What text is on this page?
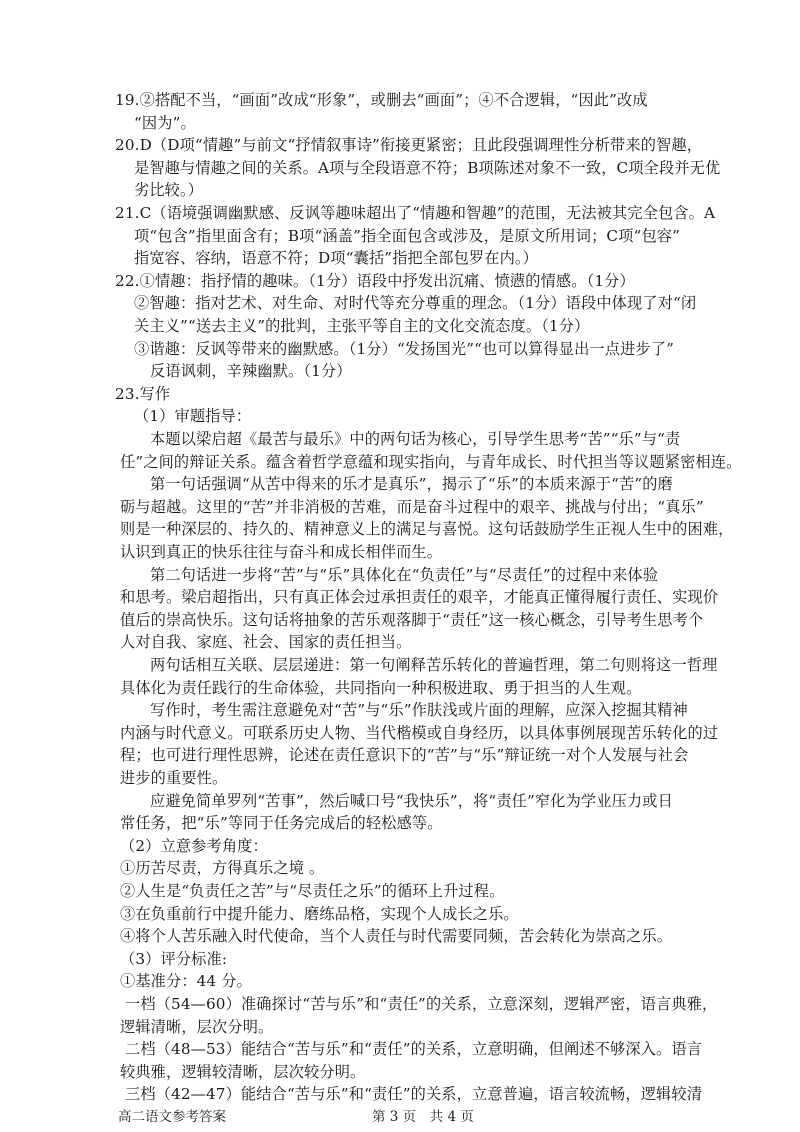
19.②搭配不当，“画面”改成“形象”，或删去“画面”；④不合逻辑，“因此”改成
“因为”。
20.D（D项“情趣”与前文“抒情叙事诗”衔接更紧密；且此段强调理性分析带来的智趣，
是智趣与情趣之间的关系。A项与全段语意不符；B项陈述对象不一致，C项全段并无优
劣比较。）
21.C（语境强调幽默感、反讽等趣味超出了“情趣和智趣”的范围，无法被其完全包含。A
项“包含”指里面含有；B项“涵盖”指全面包含或涉及，是原文所用词；C项“包容”
指宽容、容纳，语意不符；D项“囊括”指把全部包罗在内。）
22.①情趣：指抒情的趣味。（1分）语段中抒发出沉痛、愤懑的情感。（1分）
②智趣：指对艺术、对生命、对时代等充分尊重的理念。（1分）语段中体现了对“闭
关主义”“送去主义”的批判，主张平等自主的文化交流态度。（1分）
③谐趣：反讽等带来的幽默感。（1分）“发扬国光”“也可以算得显出一点进步了”
反语讽刺，辛辣幽默。（1分）
23.写作
（1）审题指导：
本题以梁启超《最苦与最乐》中的两句话为核心，引导学生思考“苦”“乐”与“责
任”之间的辩证关系。蕴含着哲学意蕴和现实指向，与青年成长、时代担当等议题紧密相连。
第一句话强调“从苦中得来的乐才是真乐”，揭示了“乐”的本质来源于“苦”的磨
砺与超越。这里的“苦”并非消极的苦难，而是奋斗过程中的艰辛、挑战与付出；“真乐”
则是一种深层的、持久的、精神意义上的满足与喜悦。这句话鼓励学生正视人生中的困难，
认识到真正的快乐往往与奋斗和成长相伴而生。
第二句话进一步将“苦”与“乐”具体化在“负责任”与“尽责任”的过程中来体验
和思考。梁启超指出，只有真正体会过承担责任的艰辛，才能真正懂得履行责任、实现价
值后的崇高快乐。这句话将抽象的苦乐观落脚于“责任”这一核心概念，引导考生思考个
人对自我、家庭、社会、国家的责任担当。
两句话相互关联、层层递进：第一句阐释苦乐转化的普遍哲理，第二句则将这一哲理
具体化为责任践行的生命体验，共同指向一种积极进取、勇于担当的人生观。
写作时，考生需注意避免对“苦”与“乐”作肤浅或片面的理解，应深入挖掘其精神
内涵与时代意义。可联系历史人物、当代楷模或自身经历，以具体事例展现苦乐转化的过
程；也可进行理性思辨，论述在责任意识下的“苦”与“乐”辩证统一对个人发展与社会
进步的重要性。
应避免简单罗列“苦事”，然后喊口号“我快乐”，将“责任”窄化为学业压力或日
常任务，把“乐”等同于任务完成后的轻松感等。
（2）立意参考角度：
①历苦尽责，方得真乐之境 。
②人生是“负责任之苦”与“尽责任之乐”的循环上升过程。
③在负重前行中提升能力、磨练品格，实现个人成长之乐。
④将个人苦乐融入时代使命，当个人责任与时代需要同频，苦会转化为崇高之乐。
（3）评分标准:
①基准分：44 分。
一档（54—60）准确探讨“苦与乐”和“责任”的关系，立意深刻，逻辑严密，语言典雅，
逻辑清晰，层次分明。
二档（48—53）能结合“苦与乐”和“责任”的关系，立意明确，但阐述不够深入。语言
较典雅，逻辑较清晰，层次较分明。
三档（42—47）能结合“苦与乐”和“责任”的关系，立意普遍，语言较流畅，逻辑较清
高二语文参考答案	第 3 页　共 4 页
